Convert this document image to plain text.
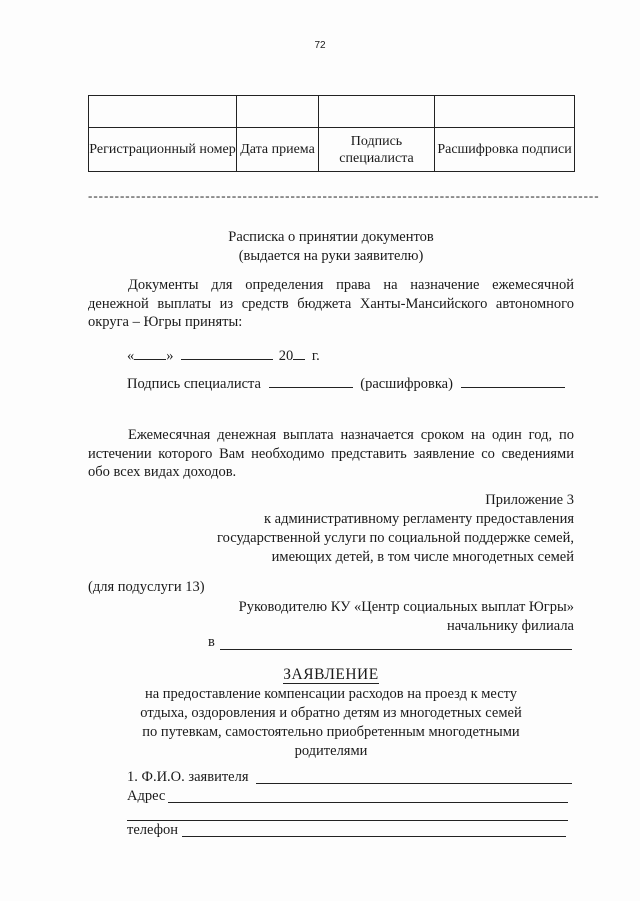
72

Регистрационный номер	Дата приема	Подпись специалиста	Расшифровка подписи
------------------------------------------------------------------------------------------------
Расписка о принятии документов
(выдается на руки заявителю)
Документы для определения права на назначение ежемесячной денежной выплаты из средств бюджета Ханты-Мансийского автономного округа – Югры приняты:
« »	20 г.
Подпись специалиста	(расшифровка)
Ежемесячная денежная выплата назначается сроком на один год, по истечении которого Вам необходимо представить заявление со сведениями обо всех видах доходов.
Приложение 3
к административному регламенту предоставления
государственной услуги по социальной поддержке семей,
имеющих детей, в том числе многодетных семей
(для подуслуги 13)
Руководителю КУ «Центр социальных выплат Югры»
начальнику филиала
в
ЗАЯВЛЕНИЕ
на предоставление компенсации расходов на проезд к месту
отдыха, оздоровления и обратно детям из многодетных семей
по путевкам, самостоятельно приобретенным многодетными
родителями
1. Ф.И.О. заявителя
Адрес
телефон
